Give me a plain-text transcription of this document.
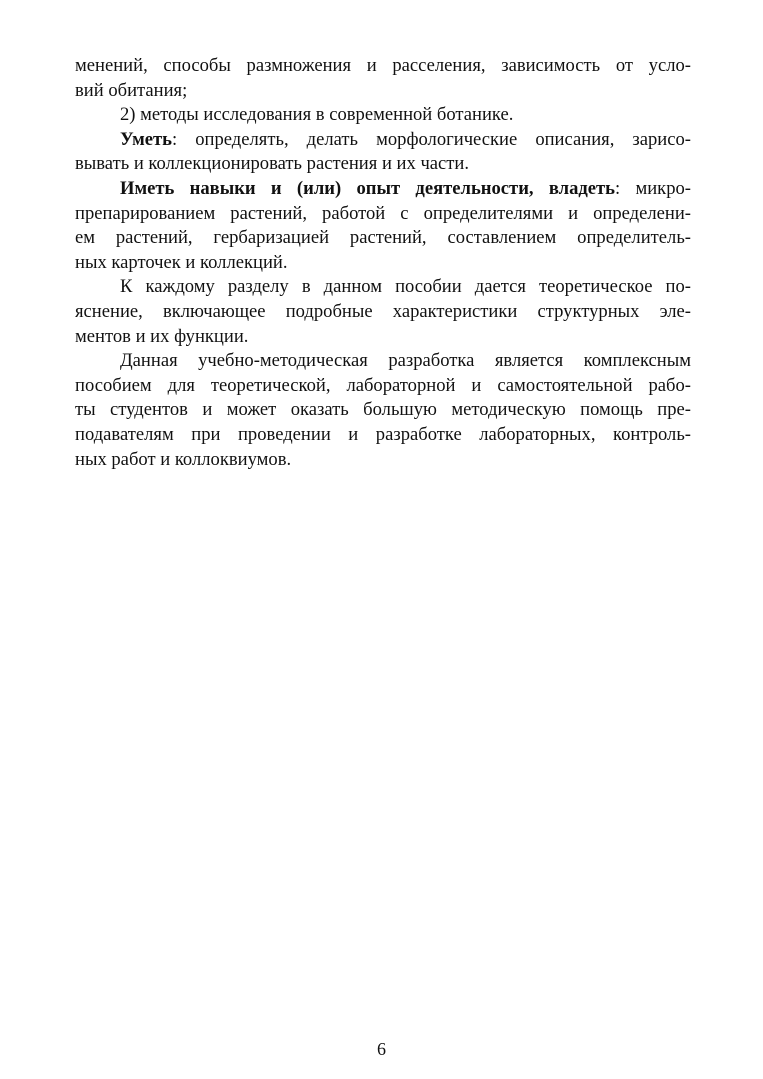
менений, способы размножения и расселения, зависимость от усло-
вий обитания;
2) методы исследования в современной ботанике.
Уметь: определять, делать морфологические описания, зарисо-
вывать и коллекционировать растения и их части.
Иметь навыки и (или) опыт деятельности, владеть: микро-
препарированием растений, работой с определителями и определени-
ем растений, гербаризацией растений, составлением определитель-
ных карточек и коллекций.
К каждому разделу в данном пособии дается теоретическое по-
яснение, включающее подробные характеристики структурных эле-
ментов и их функции.
Данная учебно-методическая разработка является комплексным
пособием для теоретической, лабораторной и самостоятельной рабо-
ты студентов и может оказать большую методическую помощь пре-
подавателям при проведении и разработке лабораторных, контроль-
ных работ и коллоквиумов.
6
